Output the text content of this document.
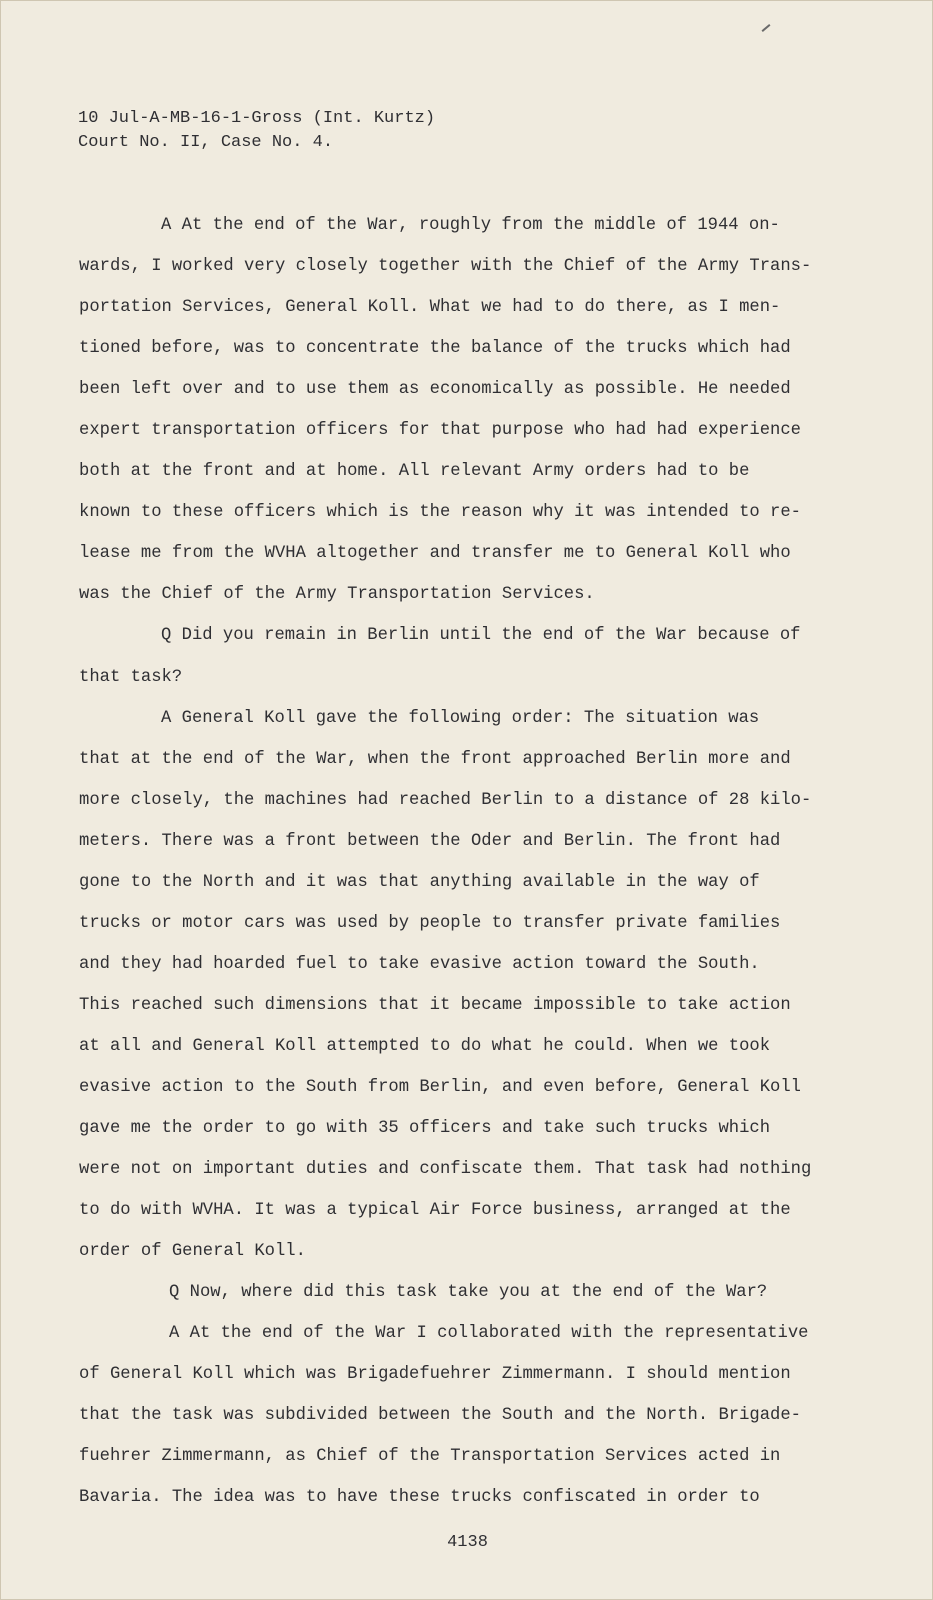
10 Jul-A-MB-16-1-Gross (Int. Kurtz)
Court No. II, Case No. 4.
A At the end of the War, roughly from the middle of 1944 on-
wards, I worked very closely together with the Chief of the Army Trans-
portation Services, General Koll. What we had to do there, as I men-
tioned before, was to concentrate the balance of the trucks which had
been left over and to use them as economically as possible. He needed
expert transportation officers for that purpose who had had experience
both at the front and at home. All relevant Army orders had to be
known to these officers which is the reason why it was intended to re-
lease me from the WVHA altogether and transfer me to General Koll who
was the Chief of the Army Transportation Services.
Q Did you remain in Berlin until the end of the War because of
that task?
A General Koll gave the following order: The situation was
that at the end of the War, when the front approached Berlin more and
more closely, the machines had reached Berlin to a distance of 28 kilo-
meters. There was a front between the Oder and Berlin. The front had
gone to the North and it was that anything available in the way of
trucks or motor cars was used by people to transfer private families
and they had hoarded fuel to take evasive action toward the South.
This reached such dimensions that it became impossible to take action
at all and General Koll attempted to do what he could. When we took
evasive action to the South from Berlin, and even before, General Koll
gave me the order to go with 35 officers and take such trucks which
were not on important duties and confiscate them. That task had nothing
to do with WVHA. It was a typical Air Force business, arranged at the
order of General Koll.
Q Now, where did this task take you at the end of the War?
A At the end of the War I collaborated with the representative
of General Koll which was Brigadefuehrer Zimmermann. I should mention
that the task was subdivided between the South and the North. Brigade-
fuehrer Zimmermann, as Chief of the Transportation Services acted in
Bavaria. The idea was to have these trucks confiscated in order to
4138
